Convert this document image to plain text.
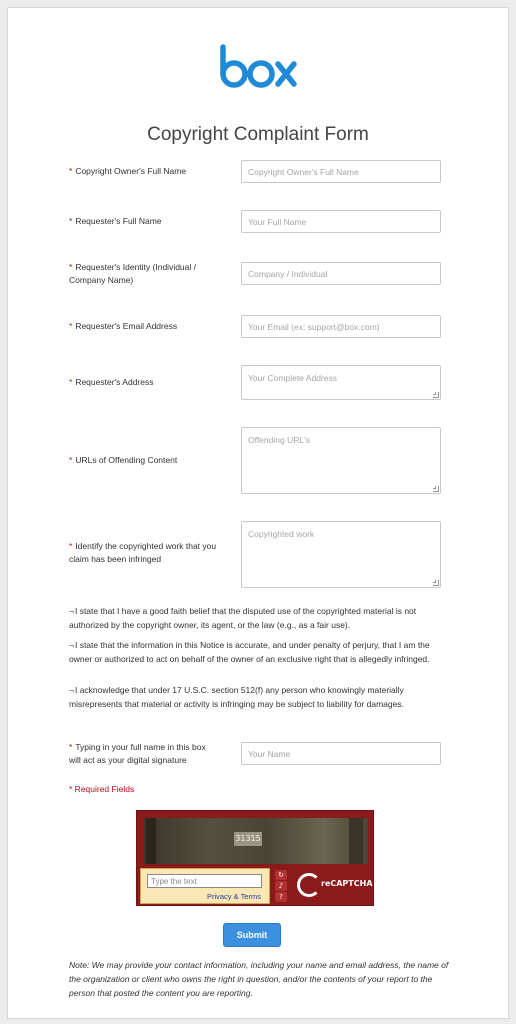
Copyright Complaint Form
* Copyright Owner's Full Name
Copyright Owner's Full Name
* Requester's Full Name
Your Full Name
* Requester's Identity (Individual / Company Name)
Company / Individual
* Requester's Email Address
Your Email (ex: support@box.com)
* Requester's Address
Your Complete Address
* URLs of Offending Content
Offending URL's
* Identify the copyrighted work that you claim has been infringed
Copyrighted work
¬I state that I have a good faith belief that the disputed use of the copyrighted material is not authorized by the copyright owner, its agent, or the law (e.g., as a fair use).
¬I state that the information in this Notice is accurate, and under penalty of perjury, that I am the owner or authorized to act on behalf of the owner of an exclusive right that is allegedly infringed.
¬I acknowledge that under 17 U.S.C. section 512(f) any person who knowingly materially misrepresents that material or activity is infringing may be subject to liability for damages.
* Typing in your full name in this box will act as your digital signature
Your Name
* Required Fields
31315
Type the text
Privacy & Terms
↻
♪
?
reCAPTCHA
Submit
Note: We may provide your contact information, including your name and email address, the name of the organization or client who owns the right in question, and/or the contents of your report to the person that posted the content you are reporting.
